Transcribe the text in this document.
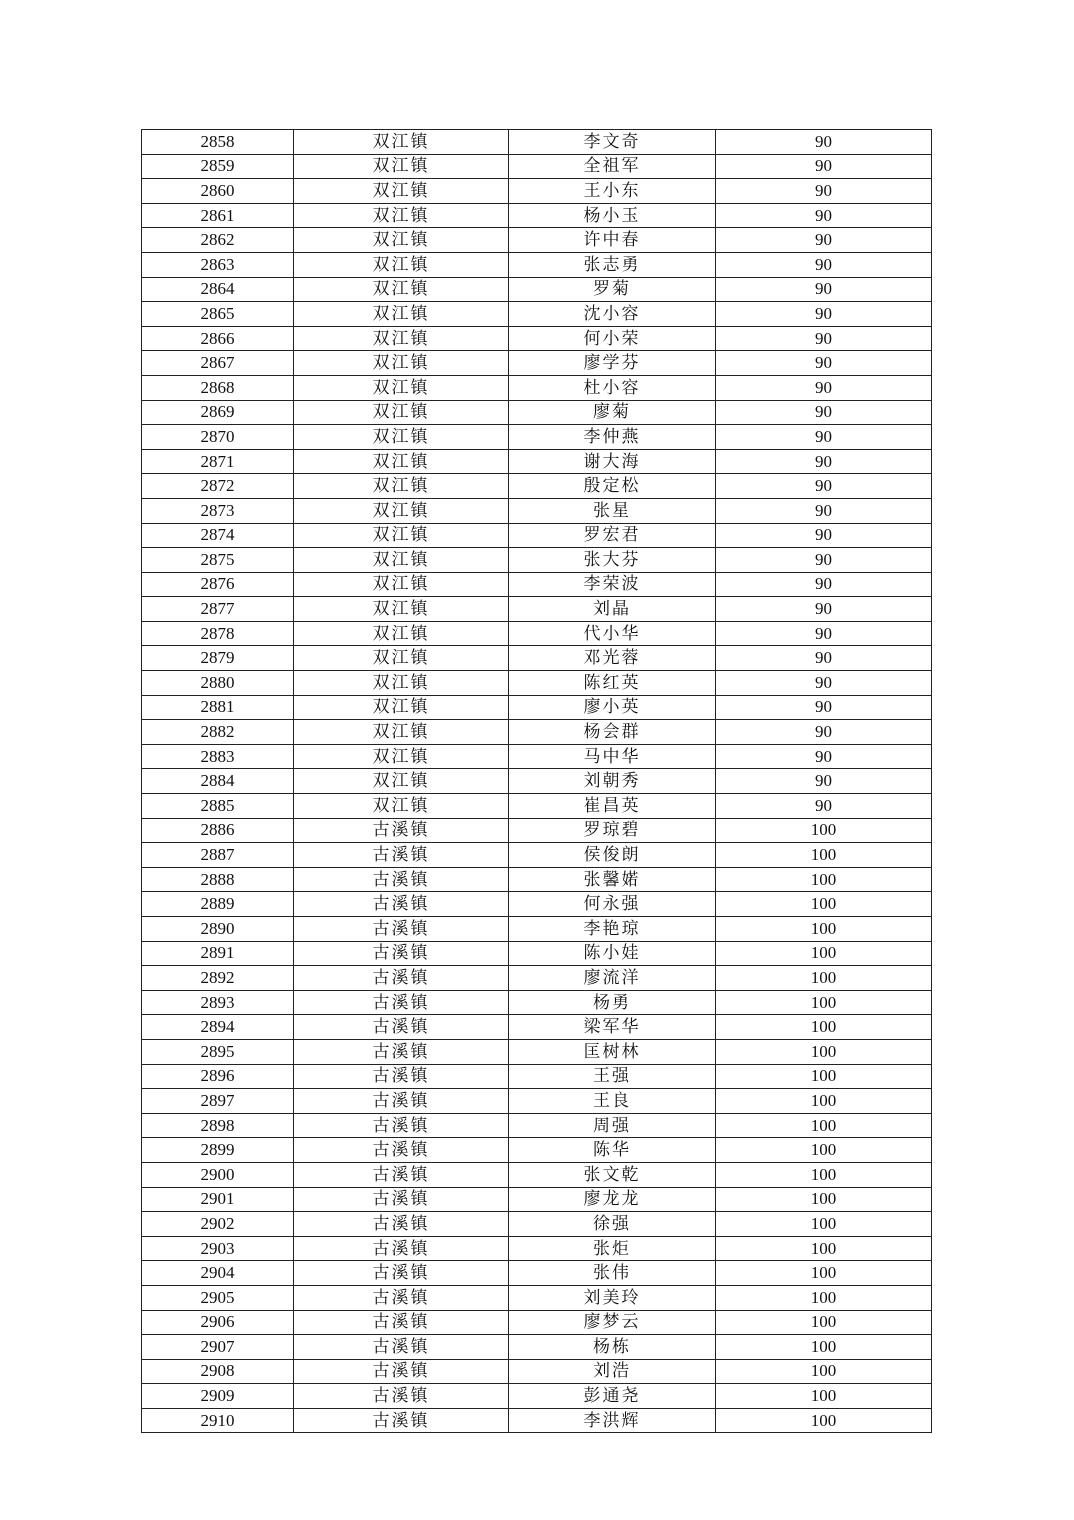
2858	双江镇	李文奇	90
2859	双江镇	全祖军	90
2860	双江镇	王小东	90
2861	双江镇	杨小玉	90
2862	双江镇	许中春	90
2863	双江镇	张志勇	90
2864	双江镇	罗菊	90
2865	双江镇	沈小容	90
2866	双江镇	何小荣	90
2867	双江镇	廖学芬	90
2868	双江镇	杜小容	90
2869	双江镇	廖菊	90
2870	双江镇	李仲燕	90
2871	双江镇	谢大海	90
2872	双江镇	殷定松	90
2873	双江镇	张星	90
2874	双江镇	罗宏君	90
2875	双江镇	张大芬	90
2876	双江镇	李荣波	90
2877	双江镇	刘晶	90
2878	双江镇	代小华	90
2879	双江镇	邓光蓉	90
2880	双江镇	陈红英	90
2881	双江镇	廖小英	90
2882	双江镇	杨会群	90
2883	双江镇	马中华	90
2884	双江镇	刘朝秀	90
2885	双江镇	崔昌英	90
2886	古溪镇	罗琼碧	100
2887	古溪镇	侯俊朗	100
2888	古溪镇	张馨婼	100
2889	古溪镇	何永强	100
2890	古溪镇	李艳琼	100
2891	古溪镇	陈小娃	100
2892	古溪镇	廖流洋	100
2893	古溪镇	杨勇	100
2894	古溪镇	梁军华	100
2895	古溪镇	匡树林	100
2896	古溪镇	王强	100
2897	古溪镇	王良	100
2898	古溪镇	周强	100
2899	古溪镇	陈华	100
2900	古溪镇	张文乾	100
2901	古溪镇	廖龙龙	100
2902	古溪镇	徐强	100
2903	古溪镇	张炬	100
2904	古溪镇	张伟	100
2905	古溪镇	刘美玲	100
2906	古溪镇	廖梦云	100
2907	古溪镇	杨栋	100
2908	古溪镇	刘浩	100
2909	古溪镇	彭通尧	100
2910	古溪镇	李洪辉	100
